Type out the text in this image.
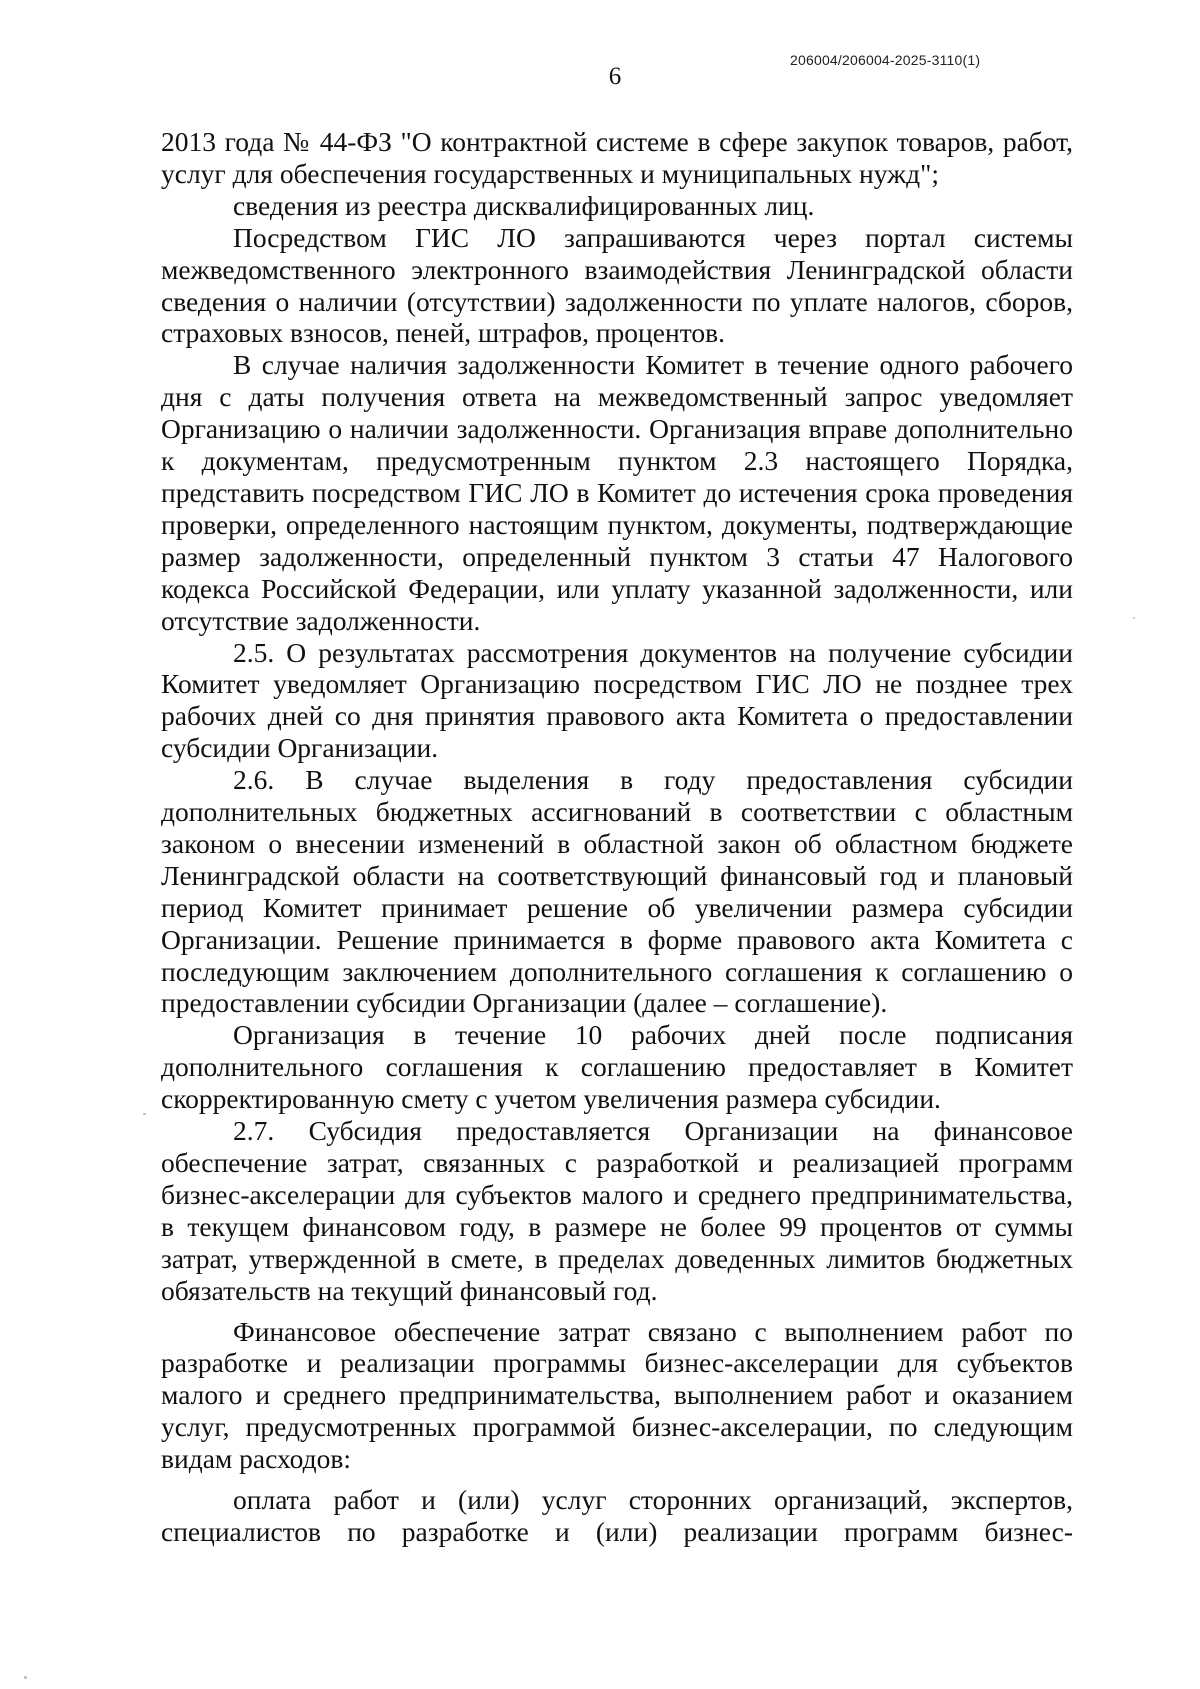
6
206004/206004-2025-3110(1)

2013 года № 44-ФЗ "О контрактной системе в сфере закупок товаров, работ, услуг для обеспечения государственных и муниципальных нужд";

сведения из реестра дисквалифицированных лиц.

Посредством ГИС ЛО запрашиваются через портал системы межведомственного электронного взаимодействия Ленинградской области сведения о наличии (отсутствии) задолженности по уплате налогов, сборов, страховых взносов, пеней, штрафов, процентов.

В случае наличия задолженности Комитет в течение одного рабочего дня с даты получения ответа на межведомственный запрос уведомляет Организацию о наличии задолженности. Организация вправе дополнительно к документам, предусмотренным пунктом 2.3 настоящего Порядка, представить посредством ГИС ЛО в Комитет до истечения срока проведения проверки, определенного настоящим пунктом, документы, подтверждающие размер задолженности, определенный пунктом 3 статьи 47 Налогового кодекса Российской Федерации, или уплату указанной задолженности, или отсутствие задолженности.

2.5. О результатах рассмотрения документов на получение субсидии Комитет уведомляет Организацию посредством ГИС ЛО не позднее трех рабочих дней со дня принятия правового акта Комитета о предоставлении субсидии Организации.

2.6. В случае выделения в году предоставления субсидии дополнительных бюджетных ассигнований в соответствии с областным законом о внесении изменений в областной закон об областном бюджете Ленинградской области на соответствующий финансовый год и плановый период Комитет принимает решение об увеличении размера субсидии Организации. Решение принимается в форме правового акта Комитета с последующим заключением дополнительного соглашения к соглашению о предоставлении субсидии Организации (далее – соглашение).

Организация в течение 10 рабочих дней после подписания дополнительного соглашения к соглашению предоставляет в Комитет скорректированную смету с учетом увеличения размера субсидии.

2.7. Субсидия предоставляется Организации на финансовое обеспечение затрат, связанных с разработкой и реализацией программ бизнес-акселерации для субъектов малого и среднего предпринимательства, в текущем финансовом году, в размере не более 99 процентов от суммы затрат, утвержденной в смете, в пределах доведенных лимитов бюджетных обязательств на текущий финансовый год.

Финансовое обеспечение затрат связано с выполнением работ по разработке и реализации программы бизнес-акселерации для субъектов малого и среднего предпринимательства, выполнением работ и оказанием услуг, предусмотренных программой бизнес-акселерации, по следующим видам расходов:

оплата работ и (или) услуг сторонних организаций, экспертов, специалистов по разработке и (или) реализации программ бизнес-
